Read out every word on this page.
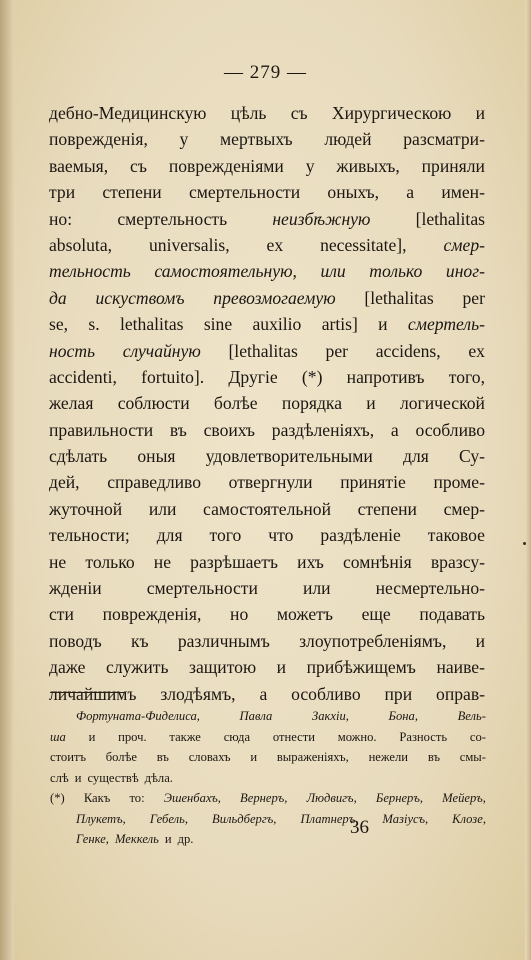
— 279 —
дебно-Медицинскую цѣль съ Хирургическою и
поврежденія, у мертвыхъ людей разсматри-
ваемыя, съ поврежденіями у живыхъ, приняли
три степени смертельности оныхъ, а имен-
но:	смертельность	неизбѣжную	[lethalitas
absoluta, universalis, ex necessitate], смер-
тельность самостоятельную, или только иног-
да искуствомъ превозмогаемую [lethalitas per
se, s. lethalitas sine auxilio artis] и смертель-
ность случайную [lethalitas per accidens, ex
accidenti, fortuito]. Другіе (*) напротивъ того,
желая соблюсти болѣе порядка и логической
правильности въ своихъ раздѣленіяхъ, а особливо
сдѣлать оныя удовлетворительными для Су-
дей, справедливо отвергнули принятіе проме-
жуточной или самостоятельной степени смер-
тельности; для того что раздѣленіе таковое
не только не разрѣшаетъ ихъ сомнѣнія вразсу-
жденіи	смертельности	или	несмертельно-
сти поврежденія, но можетъ еще подавать
поводъ къ различнымъ злоупотребленіямъ, и
даже служить защитою и прибѣжищемъ наиве-
личайшимъ злодѣямъ, а особливо при оправ-
Фортуната-Фиделиса,	Павла	Закхіи,	Бона,	Вель-
ша и проч. также сюда отнести можно. Разность со-
стоитъ болѣе въ словахъ и выраженіяхъ, нежели въ смы-
слѣ и существѣ дѣла.
(*) Какъ то: Эшенбахъ, Вернеръ, Людвигъ, Бернеръ, Мейеръ,
Плукетъ, Гебель, Вильдбергъ, Платнеръ, Мазіусъ, Клозе,
Генке, Меккель и др.
36
